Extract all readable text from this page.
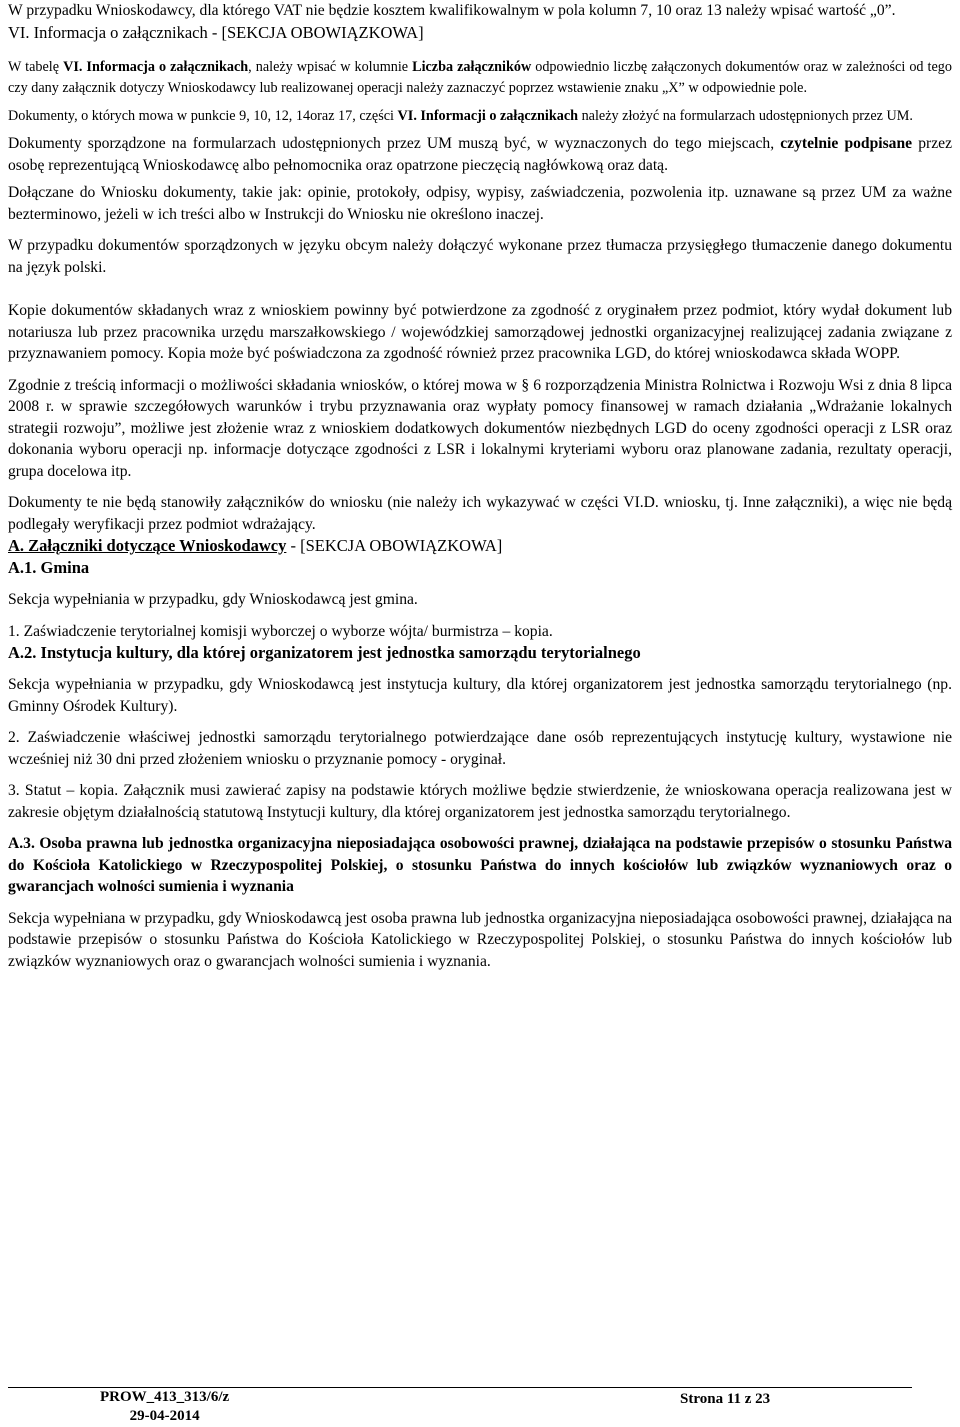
W przypadku Wnioskodawcy, dla którego VAT nie będzie kosztem kwalifikowalnym w pola kolumn 7, 10 oraz 13 należy wpisać wartość „0”.

VI. Informacja o załącznikach - [SEKCJA OBOWIĄZKOWA]

W tabelę VI. Informacja o załącznikach, należy wpisać w kolumnie Liczba załączników odpowiednio liczbę załączonych dokumentów oraz w zależności od tego czy dany załącznik dotyczy Wnioskodawcy lub realizowanej operacji należy zaznaczyć poprzez wstawienie znaku „X” w odpowiednie pole.

Dokumenty, o których mowa w punkcie 9, 10, 12, 14oraz 17, części VI. Informacji o załącznikach należy złożyć na formularzach udostępnionych przez UM.

Dokumenty sporządzone na formularzach udostępnionych przez UM muszą być, w wyznaczonych do tego miejscach, czytelnie podpisane przez osobę reprezentującą Wnioskodawcę albo pełnomocnika oraz opatrzone pieczęcią nagłówkową oraz datą.

Dołączane do Wniosku dokumenty, takie jak: opinie, protokoły, odpisy, wypisy, zaświadczenia, pozwolenia itp. uznawane są przez UM za ważne bezterminowo, jeżeli w ich treści albo w Instrukcji do Wniosku nie określono inaczej.

W przypadku dokumentów sporządzonych w języku obcym należy dołączyć wykonane przez tłumacza przysięgłego tłumaczenie danego dokumentu na język polski.

Kopie dokumentów składanych wraz z wnioskiem powinny być potwierdzone za zgodność z oryginałem przez podmiot, który wydał dokument lub notariusza lub przez pracownika urzędu marszałkowskiego / wojewódzkiej samorządowej jednostki organizacyjnej realizującej zadania związane z przyznawaniem pomocy. Kopia może być poświadczona za zgodność również przez pracownika LGD, do której wnioskodawca składa WOPP.

Zgodnie z treścią informacji o możliwości składania wniosków, o której mowa w § 6 rozporządzenia Ministra Rolnictwa i Rozwoju Wsi z dnia 8 lipca 2008 r. w sprawie szczegółowych warunków i trybu przyznawania oraz wypłaty pomocy finansowej w ramach działania „Wdrażanie lokalnych strategii rozwoju”, możliwe jest złożenie wraz z wnioskiem dodatkowych dokumentów niezbędnych LGD do oceny zgodności operacji z LSR oraz dokonania wyboru operacji np. informacje dotyczące zgodności z LSR i lokalnymi kryteriami wyboru oraz planowane zadania, rezultaty operacji, grupa docelowa itp.

Dokumenty te nie będą stanowiły załączników do wniosku (nie należy ich wykazywać w części VI.D. wniosku, tj. Inne załączniki), a więc nie będą podlegały weryfikacji przez podmiot wdrażający.

A. Załączniki dotyczące Wnioskodawcy - [SEKCJA OBOWIĄZKOWA]

A.1. Gmina

Sekcja wypełniania w przypadku, gdy Wnioskodawcą jest gmina.

1. Zaświadczenie terytorialnej komisji wyborczej o wyborze wójta/ burmistrza – kopia.

A.2. Instytucja kultury, dla której organizatorem jest jednostka samorządu terytorialnego

Sekcja wypełniania w przypadku, gdy Wnioskodawcą jest instytucja kultury, dla której organizatorem jest jednostka samorządu terytorialnego (np. Gminny Ośrodek Kultury).

2. Zaświadczenie właściwej jednostki samorządu terytorialnego potwierdzające dane osób reprezentujących instytucję kultury, wystawione nie wcześniej niż 30 dni przed złożeniem wniosku o przyznanie pomocy - oryginał.

3. Statut – kopia. Załącznik musi zawierać zapisy na podstawie których możliwe będzie stwierdzenie, że wnioskowana operacja realizowana jest w zakresie objętym działalnością statutową Instytucji kultury, dla której organizatorem jest jednostka samorządu terytorialnego.

A.3. Osoba prawna lub jednostka organizacyjna nieposiadająca osobowości prawnej, działająca na podstawie przepisów o stosunku Państwa do Kościoła Katolickiego w Rzeczypospolitej Polskiej, o stosunku Państwa do innych kościołów lub związków wyznaniowych oraz o gwarancjach wolności sumienia i wyznania

Sekcja wypełniana w przypadku, gdy Wnioskodawcą jest osoba prawna lub jednostka organizacyjna nieposiadająca osobowości prawnej, działająca na podstawie przepisów o stosunku Państwa do Kościoła Katolickiego w Rzeczypospolitej Polskiej, o stosunku Państwa do innych kościołów lub związków wyznaniowych oraz o gwarancjach wolności sumienia i wyznania.

PROW_413_313/6/z
29-04-2014
Strona 11 z 23
